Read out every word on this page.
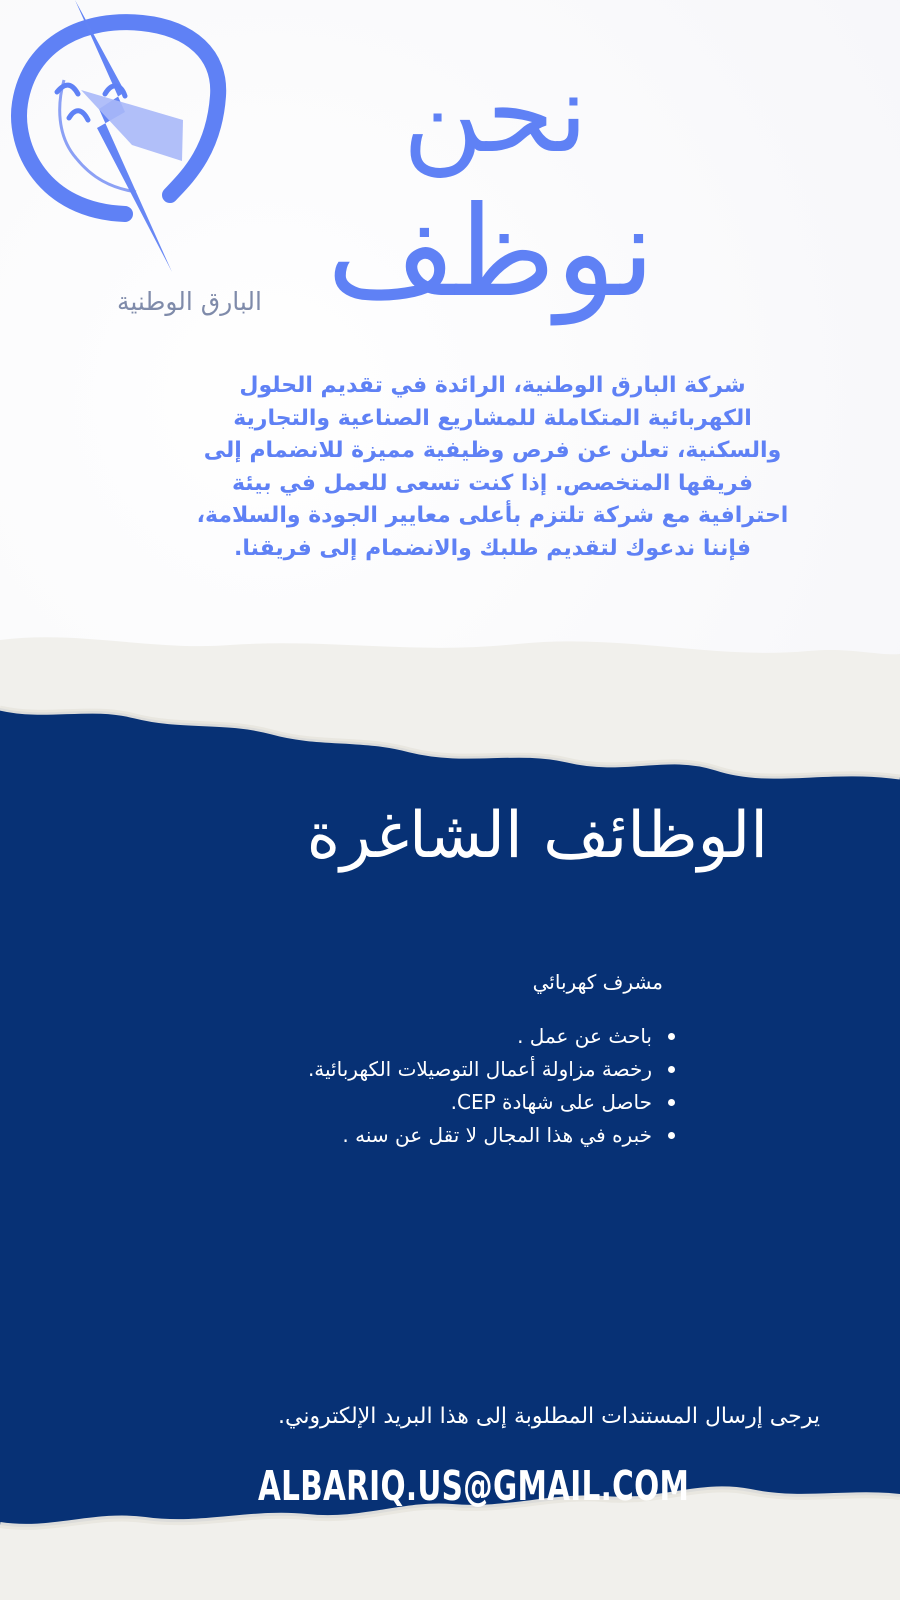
البارق الوطنية
نحن
نوظف

شركة البارق الوطنية، الرائدة في تقديم الحلول الكهربائية المتكاملة للمشاريع الصناعية والتجارية والسكنية، تعلن عن فرص وظيفية مميزة للانضمام إلى فريقها المتخصص. إذا كنت تسعى للعمل في بيئة احترافية مع شركة تلتزم بأعلى معايير الجودة والسلامة، فإننا ندعوك لتقديم طلبك والانضمام إلى فريقنا.

الوظائف الشاغرة
مشرف كهربائي
باحث عن عمل .
رخصة مزاولة أعمال التوصيلات الكهربائية.
حاصل على شهادة CEP.
خبره في هذا المجال لا تقل عن سنه .
يرجى إرسال المستندات المطلوبة إلى هذا البريد الإلكتروني.
ALBARIQ.US@GMAIL.COM
